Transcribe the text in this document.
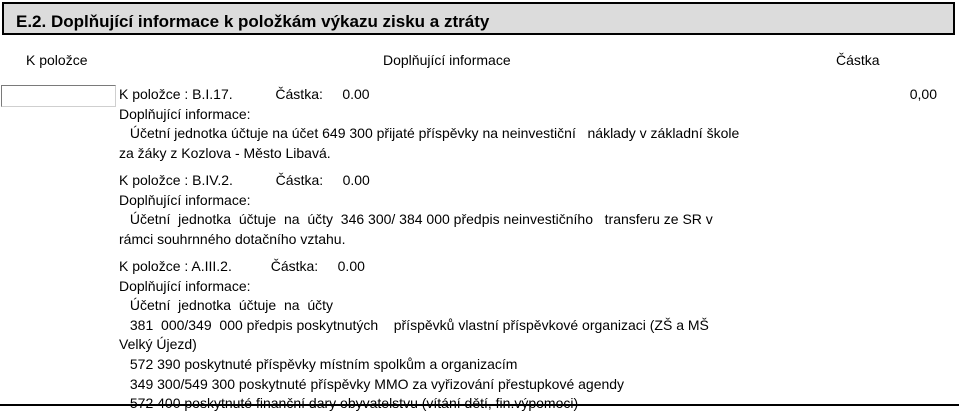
E.2. Doplňující informace k položkám výkazu zisku a ztráty
K položce	Doplňující informace	Částka
0,00
K položce : B.I.17.           Částka:     0.00
Doplňující informace:
Účetní jednotka účtuje na účet 649 300 přijaté příspěvky na neinvestiční   náklady v základní škole
za žáky z Kozlova - Město Libavá.
K položce : B.IV.2.           Částka:     0.00
Doplňující informace:
Účetní  jednotka  účtuje  na  účty  346 300/ 384 000 předpis neinvestičního   transferu ze SR v
rámci souhrnného dotačního vztahu.
K položce : A.III.2.          Částka:     0.00
Doplňující informace:
Účetní  jednotka  účtuje  na  účty
381  000/349  000 předpis poskytnutých    příspěvků vlastní příspěvkové organizaci (ZŠ a MŠ
Velký Újezd)
572 390 poskytnuté příspěvky místním spolkům a organizacím
349 300/549 300 poskytnuté příspěvky MMO za vyřizování přestupkové agendy
